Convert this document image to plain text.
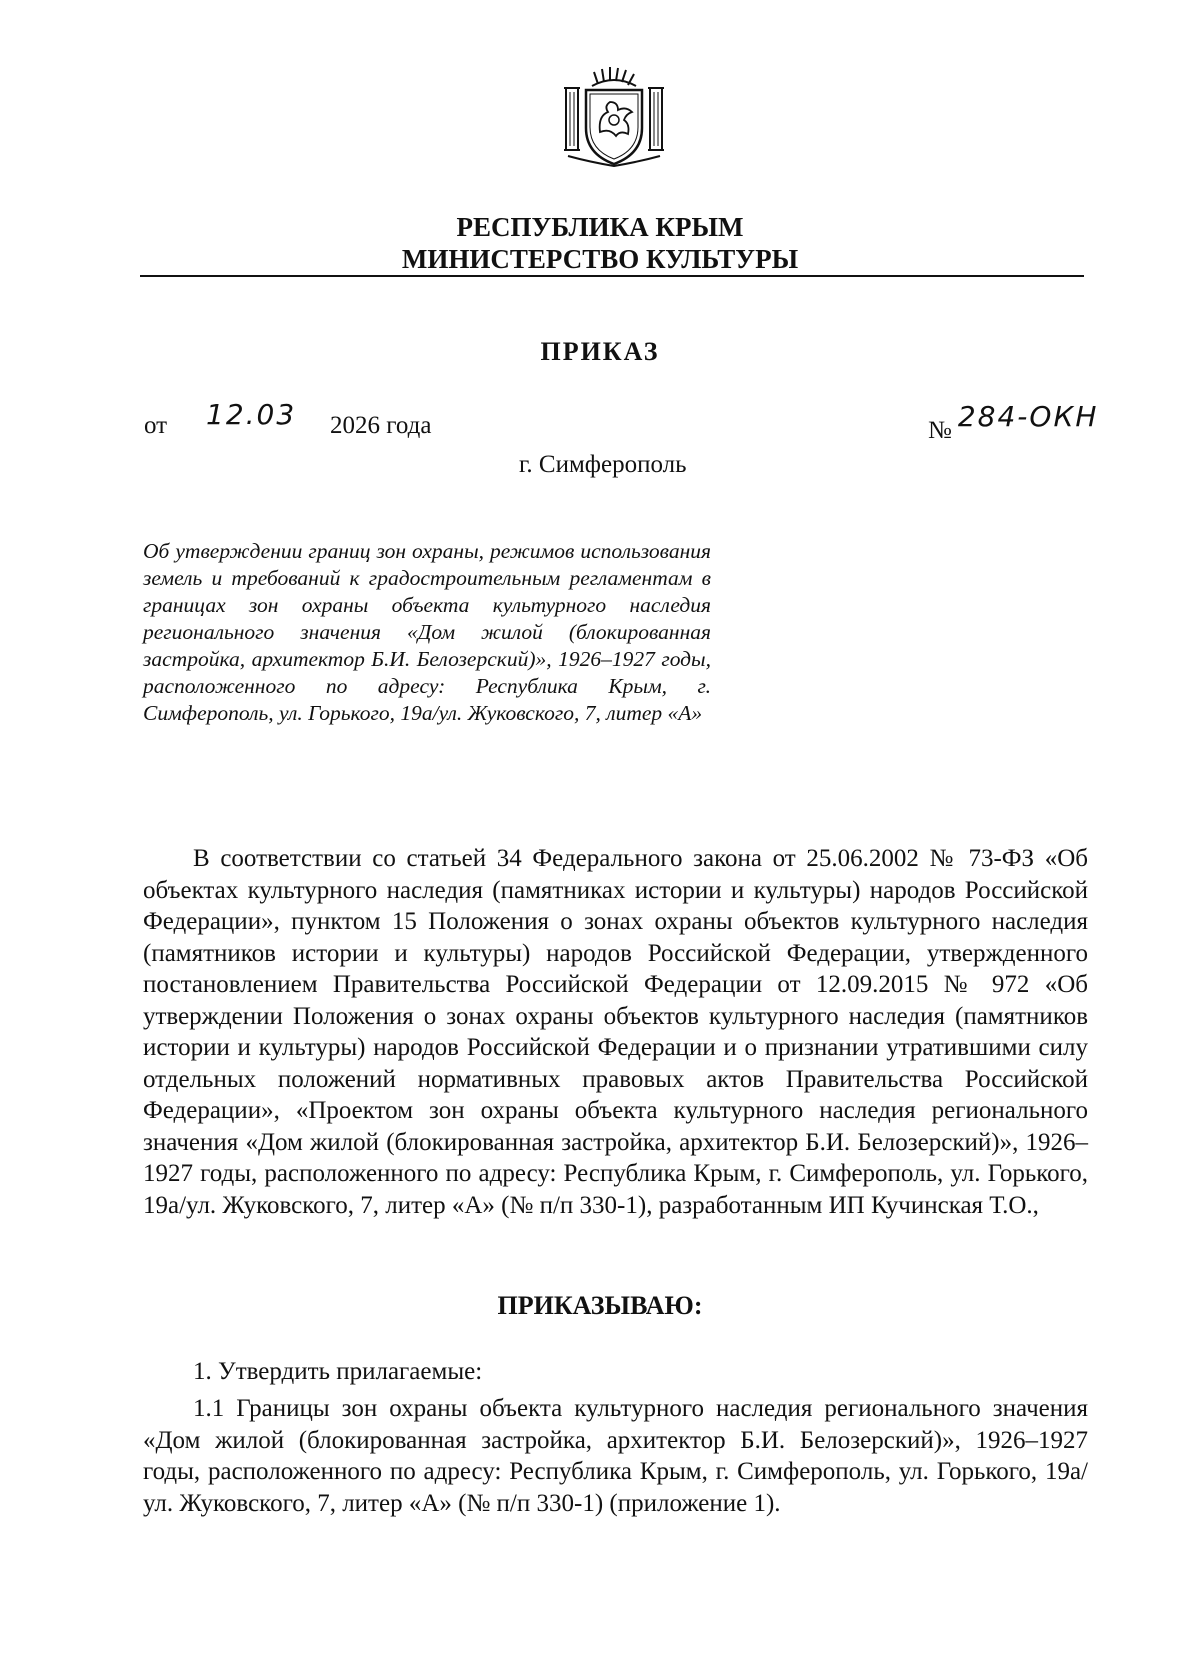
РЕСПУБЛИКА КРЫМ
МИНИСТЕРСТВО КУЛЬТУРЫ
ПРИКАЗ
от 12.03 2026 года	№ 284-ОКН
г. Симферополь
Об утверждении границ зон охраны, режимов использования земель и требований к градостроительным регламентам в границах зон охраны объекта культурного наследия регионального значения «Дом жилой (блокированная застройка, архитектор Б.И. Белозерский)», 1926–1927 годы, расположенного по адресу: Республика Крым, г. Симферополь, ул. Горького, 19а/ул. Жуковского, 7, литер «А»
В соответствии со статьей 34 Федерального закона от 25.06.2002 № 73-ФЗ «Об объектах культурного наследия (памятниках истории и культуры) народов Российской Федерации», пунктом 15 Положения о зонах охраны объектов культурного наследия (памятников истории и культуры) народов Российской Федерации, утвержденного постановлением Правительства Российской Федерации от 12.09.2015 № 972 «Об утверждении Положения о зонах охраны объектов культурного наследия (памятников истории и культуры) народов Российской Федерации и о признании утратившими силу отдельных положений нормативных правовых актов Правительства Российской Федерации», «Проектом зон охраны объекта культурного наследия регионального значения «Дом жилой (блокированная застройка, архитектор Б.И. Белозерский)», 1926–1927 годы, расположенного по адресу: Республика Крым, г. Симферополь, ул. Горького, 19а/ул. Жуковского, 7, литер «А» (№ п/п 330-1), разработанным ИП Кучинская Т.О.,
ПРИКАЗЫВАЮ:
1. Утвердить прилагаемые:
1.1 Границы зон охраны объекта культурного наследия регионального значения «Дом жилой (блокированная застройка, архитектор Б.И. Белозерский)», 1926–1927 годы, расположенного по адресу: Республика Крым, г. Симферополь, ул. Горького, 19а/ул. Жуковского, 7, литер «А» (№ п/п 330-1) (приложение 1).
